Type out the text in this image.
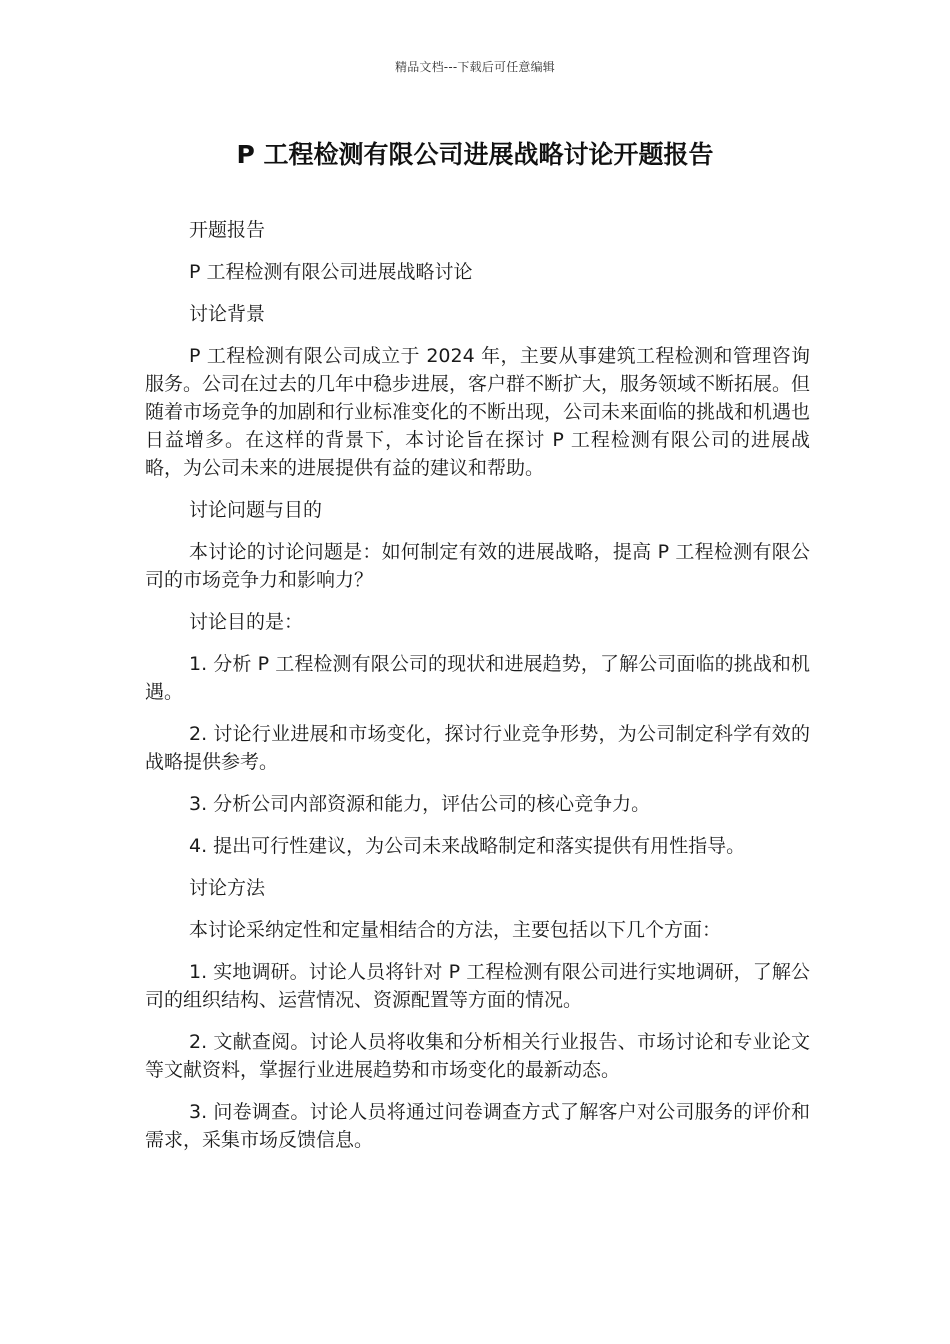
精品文档---下载后可任意编辑
P 工程检测有限公司进展战略讨论开题报告

开题报告

P 工程检测有限公司进展战略讨论

讨论背景

P 工程检测有限公司成立于 2024 年，主要从事建筑工程检测和管理咨询服务。公司在过去的几年中稳步进展，客户群不断扩大，服务领域不断拓展。但随着市场竞争的加剧和行业标准变化的不断出现，公司未来面临的挑战和机遇也日益增多。在这样的背景下，本讨论旨在探讨 P 工程检测有限公司的进展战略，为公司未来的进展提供有益的建议和帮助。

讨论问题与目的

本讨论的讨论问题是：如何制定有效的进展战略，提高 P 工程检测有限公司的市场竞争力和影响力？

讨论目的是：

1. 分析 P 工程检测有限公司的现状和进展趋势，了解公司面临的挑战和机遇。

2. 讨论行业进展和市场变化，探讨行业竞争形势，为公司制定科学有效的战略提供参考。

3. 分析公司内部资源和能力，评估公司的核心竞争力。

4. 提出可行性建议，为公司未来战略制定和落实提供有用性指导。

讨论方法

本讨论采纳定性和定量相结合的方法，主要包括以下几个方面：

1. 实地调研。讨论人员将针对 P 工程检测有限公司进行实地调研，了解公司的组织结构、运营情况、资源配置等方面的情况。

2. 文献查阅。讨论人员将收集和分析相关行业报告、市场讨论和专业论文等文献资料，掌握行业进展趋势和市场变化的最新动态。

3. 问卷调查。讨论人员将通过问卷调查方式了解客户对公司服务的评价和需求，采集市场反馈信息。
